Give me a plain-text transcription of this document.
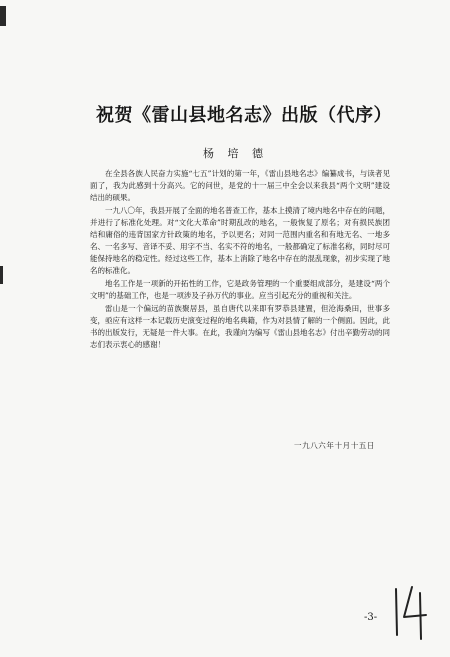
祝贺《雷山县地名志》出版（代序）
杨 培 德

在全县各族人民奋力实施“七五”计划的第一年，《雷山县地名志》编纂成书，与读者见面了，我为此感到十分高兴。它的问世，是党的十一届三中全会以来我县“两个文明”建设结出的硕果。

一九八〇年，我县开展了全面的地名普查工作，基本上摸清了境内地名中存在的问题，并进行了标准化处理。对“文化大革命”时期乱改的地名，一般恢复了原名；对有损民族团结和庸俗的违背国家方针政策的地名，予以更名；对同一范围内重名和有地无名、一地多名、一名多写、音译不妥、用字不当、名实不符的地名，一般都确定了标准名称，同时尽可能保持地名的稳定性。经过这些工作，基本上消除了地名中存在的混乱现象，初步实现了地名的标准化。

地名工作是一项新的开拓性的工作，它是政务管理的一个重要组成部分，是建设“两个文明”的基础工作，也是一项涉及子孙万代的事业。应当引起充分的重视和关注。

雷山是一个偏远的苗族聚居县，虽自唐代以来即有罗恭县建置，但沧海桑田，世事多变，亟应有这样一本记载历史演变过程的地名典籍，作为对县情了解的一个侧面。因此，此书的出版发行，无疑是一件大事。在此，我谨向为编写《雷山县地名志》付出辛勤劳动的同志们表示衷心的感谢！

一九八六年十月十五日
-3-
